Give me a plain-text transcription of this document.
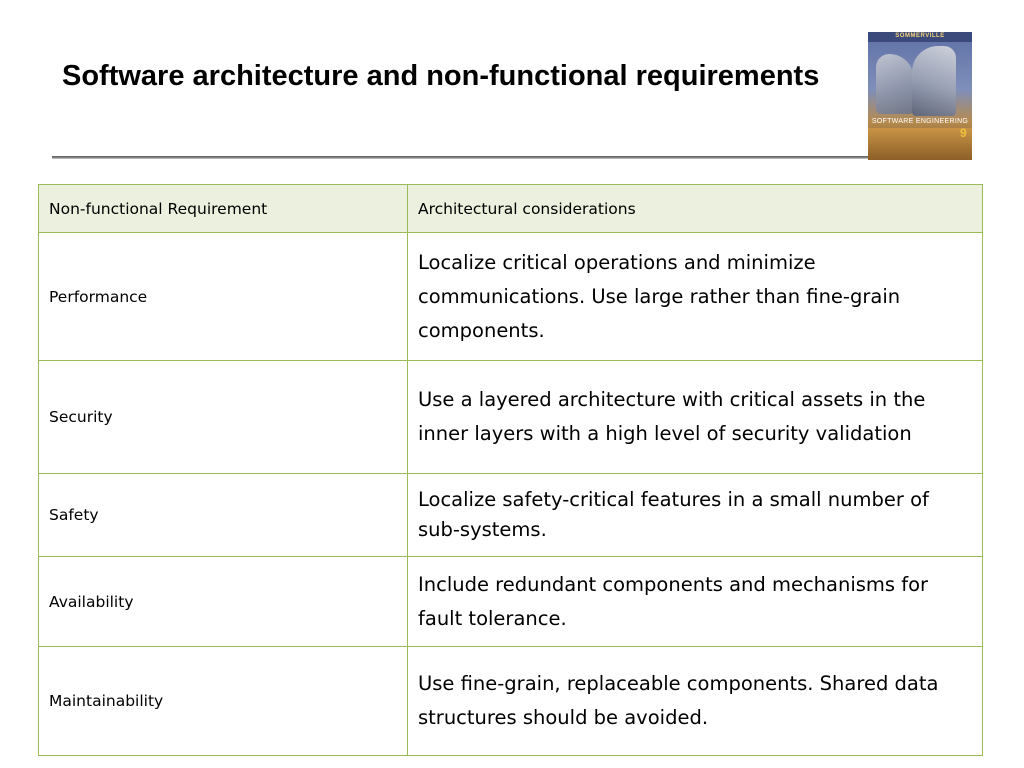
Software architecture and non-functional requirements
SOMMERVILLE
SOFTWARE ENGINEERING
9
Non-functional Requirement	Architectural considerations
Performance	Localize critical operations and minimize communications. Use large rather than fine-grain components.
Security	Use a layered architecture with critical assets in the inner layers with a high level of security validation
Safety	Localize safety-critical features in a small number of sub-systems.
Availability	Include redundant components and mechanisms for fault tolerance.
Maintainability	Use fine-grain, replaceable components. Shared data structures should be avoided.
